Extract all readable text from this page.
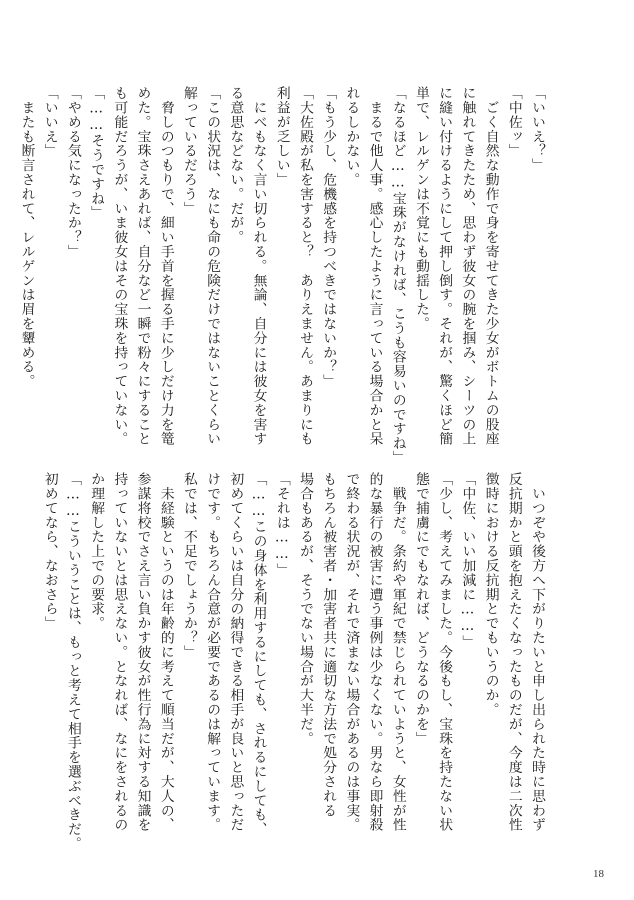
「いいえ？」
「中佐ッ」
　ごく自然な動作で身を寄せてきた少女がボトムの股座
に触れてきたため、思わず彼女の腕を掴み、シーツの上
に縫い付けるようにして押し倒す。それが、驚くほど簡
単で、レルゲンは不覚にも動揺した。
「なるほど……宝珠がなければ、こうも容易いのですね」
　まるで他人事。感心したように言っている場合かと呆
れるしかない。
「もう少し、危機感を持つべきではないか？」
「大佐殿が私を害すると？　ありえません。あまりにも
利益が乏しい」
　にべもなく言い切られる。無論、自分には彼女を害す
る意思などない。だが。
「この状況は、なにも命の危険だけではないことくらい
解っているだろう」
　脅しのつもりで、細い手首を握る手に少しだけ力を篭
めた。宝珠さえあれば、自分など一瞬で粉々にすること
も可能だろうが、いま彼女はその宝珠を持っていない。
「……そうですね」
「やめる気になったか？」
「いいえ」
　またも断言されて、レルゲンは眉を顰める。
　いつぞや後方へ下がりたいと申し出られた時に思わず
反抗期かと頭を抱えたくなったものだが、今度は二次性
徴時における反抗期とでもいうのか。
「中佐、いい加減に……」
「少し、考えてみました。今後もし、宝珠を持たない状
態で捕虜にでもなれば、どうなるのかを」
　戦争だ。条約や軍紀で禁じられていようと、女性が性
的な暴行の被害に遭う事例は少なくない。男なら即射殺
で終わる状況が、それで済まない場合があるのは事実。
もちろん被害者・加害者共に適切な方法で処分される
場合もあるが、そうでない場合が大半だ。
「それは……」
「……この身体を利用するにしても、されるにしても、
初めてくらいは自分の納得できる相手が良いと思っただ
けです。もちろん合意が必要であるのは解っています。
私では、不足でしょうか？」
　未経験というのは年齢的に考えて順当だが、大人の、
参謀将校でさえ言い負かす彼女が性行為に対する知識を
持っていないとは思えない。となれば、なにをされるの
か理解した上での要求。
「……こういうことは、もっと考えて相手を選ぶべきだ。
初めてなら、なおさら」
18
